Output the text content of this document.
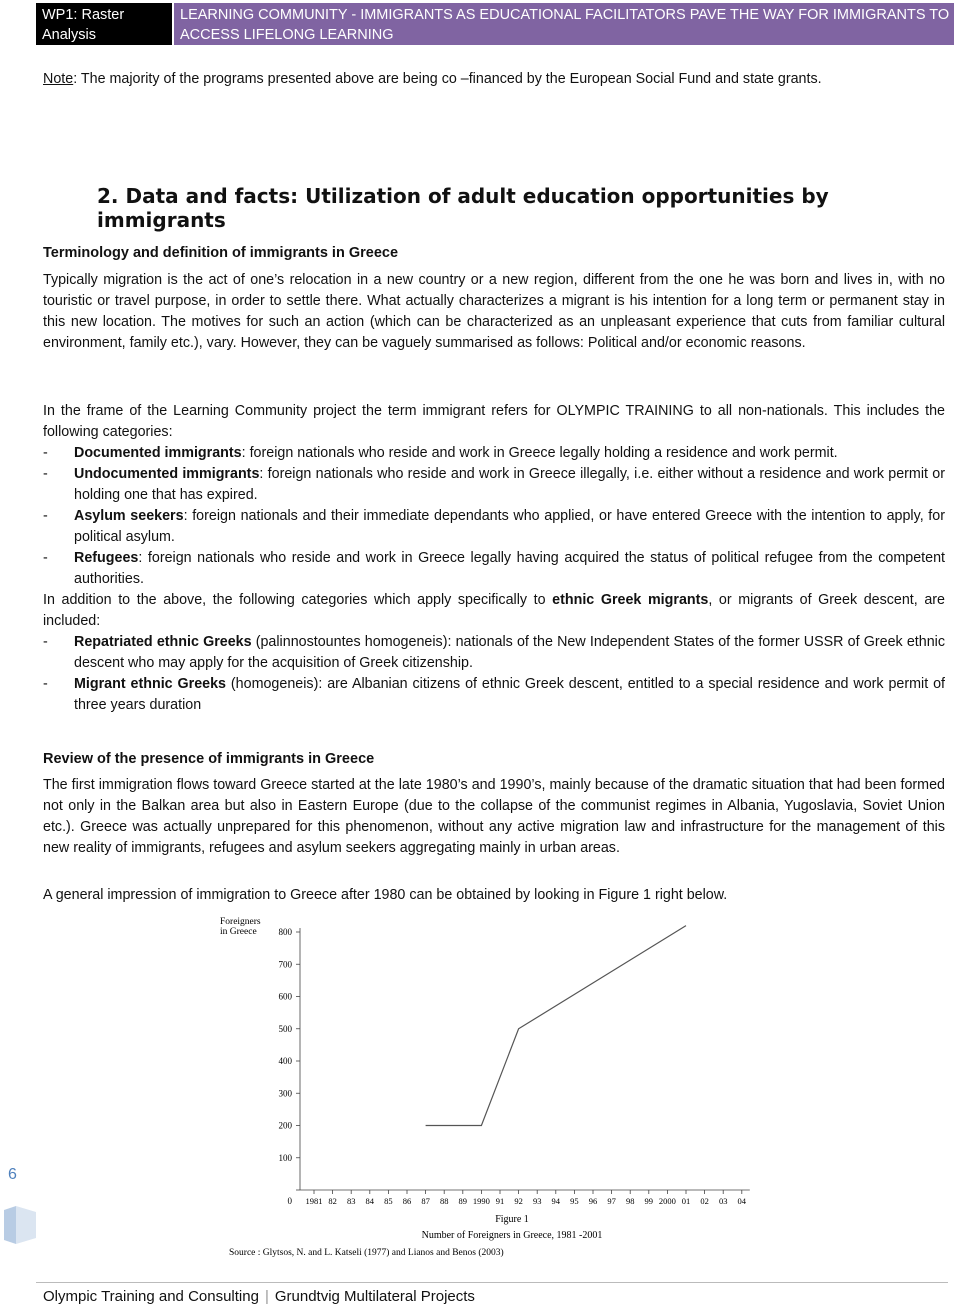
WP1: Raster Analysis
LEARNING COMMUNITY - IMMIGRANTS AS EDUCATIONAL FACILITATORS PAVE THE WAY FOR IMMIGRANTS TO ACCESS LIFELONG LEARNING
Note: The majority of the programs presented above are being co –financed by the European Social Fund and state grants.
2. Data and facts: Utilization of adult education opportunities by immigrants
Terminology and definition of immigrants in Greece
Typically migration is the act of one’s relocation in a new country or a new region, different from the one he was born and lives in, with no touristic or travel purpose, in order to settle there. What actually characterizes a migrant is his intention for a long term or permanent stay in this new location. The motives for such an action (which can be characterized as an unpleasant experience that cuts from familiar cultural environment, family etc.), vary. However, they can be vaguely summarised as follows: Political and/or economic reasons.
In the frame of the Learning Community project the term immigrant refers for OLYMPIC TRAINING to all non-nationals. This includes the following categories:
- Documented immigrants: foreign nationals who reside and work in Greece legally holding a residence and work permit.
- Undocumented immigrants: foreign nationals who reside and work in Greece illegally, i.e. either without a residence and work permit or holding one that has expired.
- Asylum seekers: foreign nationals and their immediate dependants who applied, or have entered Greece with the intention to apply, for political asylum.
- Refugees: foreign nationals who reside and work in Greece legally having acquired the status of political refugee from the competent authorities.
In addition to the above, the following categories which apply specifically to ethnic Greek migrants, or migrants of Greek descent, are included:
- Repatriated ethnic Greeks (palinnostountes homogeneis): nationals of the New Independent States of the former USSR of Greek ethnic descent who may apply for the acquisition of Greek citizenship.
- Migrant ethnic Greeks (homogeneis): are Albanian citizens of ethnic Greek descent, entitled to a special residence and work permit of three years duration
Review of the presence of immigrants in Greece
The first immigration flows toward Greece started at the late 1980’s and 1990’s, mainly because of the dramatic situation that had been formed not only in the Balkan area but also in Eastern Europe (due to the collapse of the communist regimes in Albania, Yugoslavia, Soviet Union etc.). Greece was actually unprepared for this phenomenon, without any active migration law and infrastructure for the management of this new reality of immigrants, refugees and asylum seekers aggregating mainly in urban areas.
A general impression of immigration to Greece after 1980 can be obtained by looking in Figure 1 right below.
Foreigners
in Greece
100
200
300
400
500
600
700
800
1981 82 83 84 85 86 87 88 89 1990 91 92 93 94 95 96 97 98 99 2000 01 02 03 04
0
Figure 1
Number of Foreigners in Greece, 1981 -2001
Source : Glytsos, N. and L. Katseli (1977) and Lianos and Benos (2003)
6
Olympic Training and Consulting | Grundtvig Multilateral Projects
